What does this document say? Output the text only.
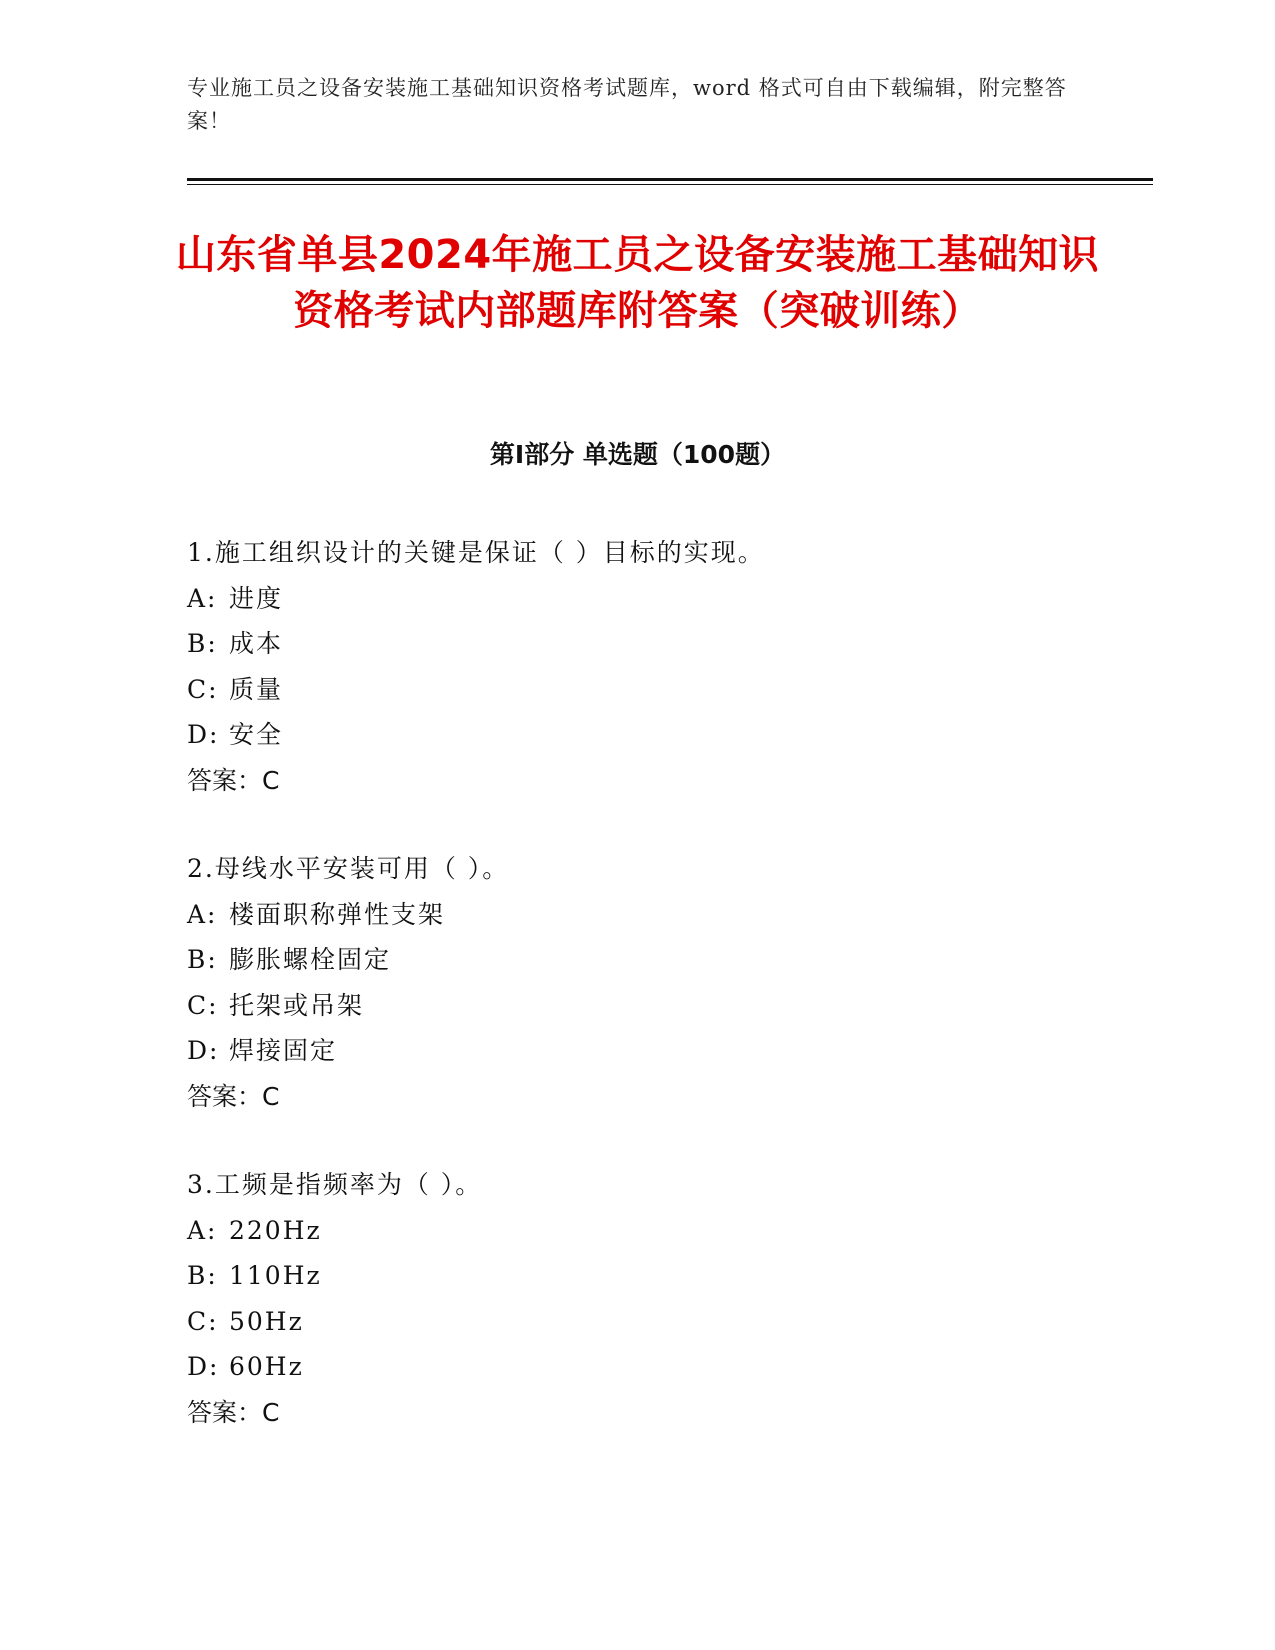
专业施工员之设备安装施工基础知识资格考试题库，word 格式可自由下载编辑，附完整答案！
山东省单县2024年施工员之设备安装施工基础知识资格考试内部题库附答案（突破训练）
第Ⅰ部分 单选题（100题）
1.施工组织设计的关键是保证（ ）目标的实现。
A: 进度
B: 成本
C: 质量
D: 安全
答案：C
2.母线水平安装可用（ ）。
A: 楼面职称弹性支架
B: 膨胀螺栓固定
C: 托架或吊架
D: 焊接固定
答案：C
3.工频是指频率为（ ）。
A: 220Hz
B: 110Hz
C: 50Hz
D: 60Hz
答案：C
